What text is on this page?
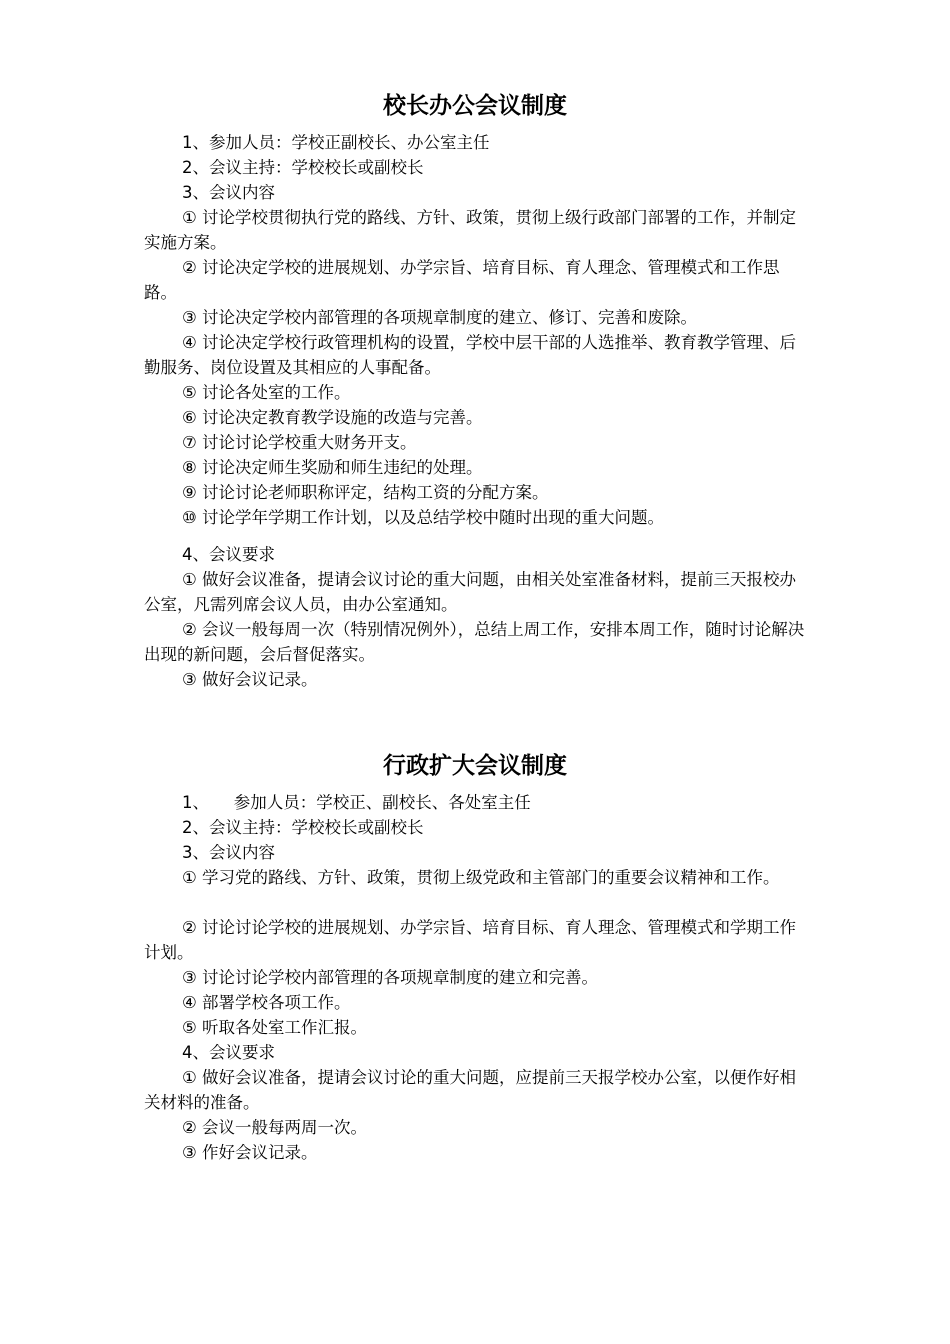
校长办公会议制度

1、参加人员：学校正副校长、办公室主任

2、会议主持：学校校长或副校长

3、会议内容

① 讨论学校贯彻执行党的路线、方针、政策，贯彻上级行政部门部署的工作，并制定实施方案。

② 讨论决定学校的进展规划、办学宗旨、培育目标、育人理念、管理模式和工作思路。

③ 讨论决定学校内部管理的各项规章制度的建立、修订、完善和废除。

④ 讨论决定学校行政管理机构的设置，学校中层干部的人选推举、教育教学管理、后勤服务、岗位设置及其相应的人事配备。

⑤ 讨论各处室的工作。

⑥ 讨论决定教育教学设施的改造与完善。

⑦ 讨论讨论学校重大财务开支。

⑧ 讨论决定师生奖励和师生违纪的处理。

⑨ 讨论讨论老师职称评定，结构工资的分配方案。

⑩ 讨论学年学期工作计划，以及总结学校中随时出现的重大问题。

4、会议要求

① 做好会议准备，提请会议讨论的重大问题，由相关处室准备材料，提前三天报校办公室，凡需列席会议人员，由办公室通知。

② 会议一般每周一次（特别情况例外），总结上周工作，安排本周工作，随时讨论解决出现的新问题，会后督促落实。

③ 做好会议记录。

行政扩大会议制度

1、　　参加人员：学校正、副校长、各处室主任

2、会议主持：学校校长或副校长

3、会议内容

① 学习党的路线、方针、政策，贯彻上级党政和主管部门的重要会议精神和工作。

② 讨论讨论学校的进展规划、办学宗旨、培育目标、育人理念、管理模式和学期工作计划。

③ 讨论讨论学校内部管理的各项规章制度的建立和完善。

④ 部署学校各项工作。

⑤ 听取各处室工作汇报。

4、会议要求

① 做好会议准备，提请会议讨论的重大问题，应提前三天报学校办公室，以便作好相关材料的准备。

② 会议一般每两周一次。

③ 作好会议记录。
